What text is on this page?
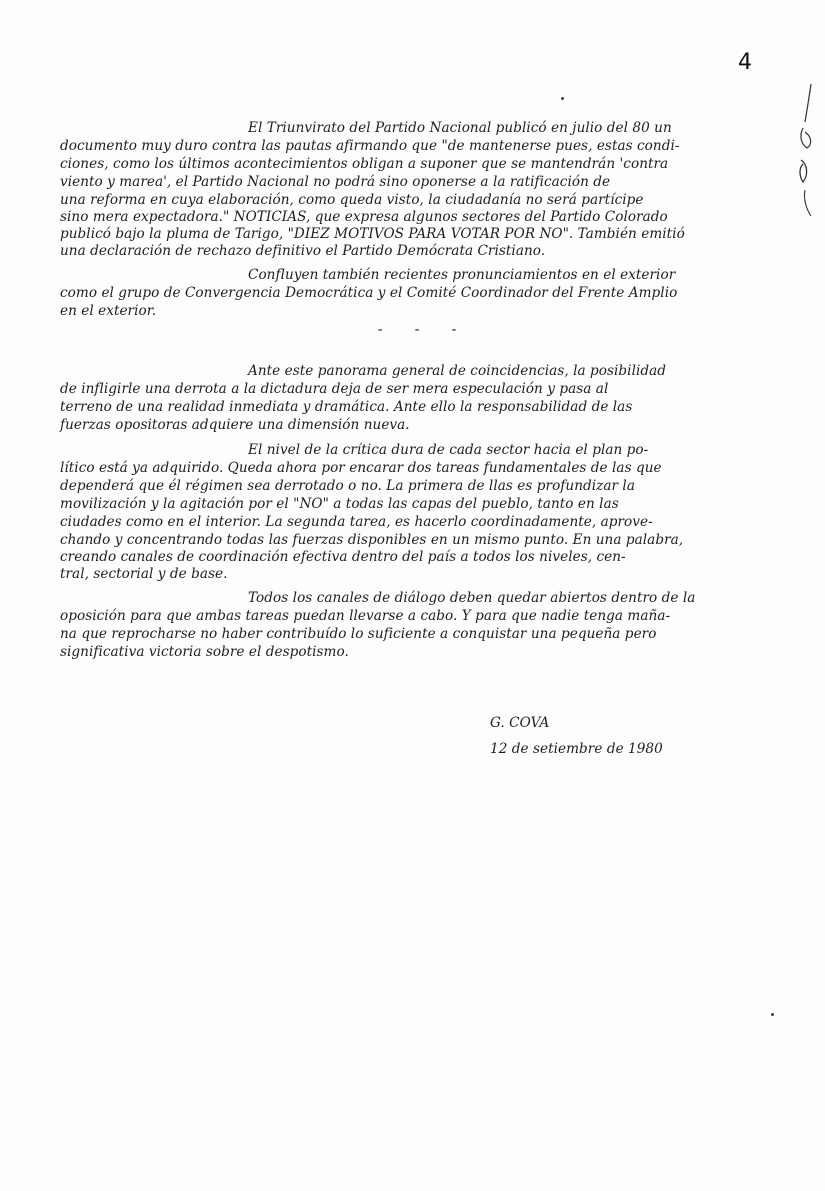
4
El Triunvirato del Partido Nacional publicó en julio del 80 un
documento muy duro contra las pautas afirmando que "de mantenerse pues, estas condi-
ciones, como los últimos acontecimientos obligan a suponer que se mantendrán 'contra
viento y marea', el Partido Nacional no podrá sino oponerse a la ratificación de
una reforma en cuya elaboración, como queda visto, la ciudadanía no será partícipe
sino mera expectadora." NOTICIAS, que expresa algunos sectores del Partido Colorado
publicó bajo la pluma de Tarigo, "DIEZ MOTIVOS PARA VOTAR POR NO". También emitió
una declaración de rechazo definitivo el Partido Demócrata Cristiano.
Confluyen también recientes pronunciamientos en el exterior
como el grupo de Convergencia Democrática y el Comité Coordinador del Frente Amplio
en el exterior.
- - -
Ante este panorama general de coincidencias, la posibilidad
de infligirle una derrota a la dictadura deja de ser mera especulación y pasa al
terreno de una realidad inmediata y dramática. Ante ello la responsabilidad de las
fuerzas opositoras adquiere una dimensión nueva.
El nivel de la crítica dura de cada sector hacia el plan po-
lítico está ya adquirido. Queda ahora por encarar dos tareas fundamentales de las que
dependerá que él régimen sea derrotado o no. La primera de llas es profundizar la
movilización y la agitación por el "NO" a todas las capas del pueblo, tanto en las
ciudades como en el interior. La segunda tarea, es hacerlo coordinadamente, aprove-
chando y concentrando todas las fuerzas disponibles en un mismo punto. En una palabra,
creando canales de coordinación efectiva dentro del país a todos los niveles, cen-
tral, sectorial y de base.
Todos los canales de diálogo deben quedar abiertos dentro de la
oposición para que ambas tareas puedan llevarse a cabo. Y para que nadie tenga maña-
na que reprocharse no haber contribuído lo suficiente a conquistar una pequeña pero
significativa victoria sobre el despotismo.
G. COVA
12 de setiembre de 1980
